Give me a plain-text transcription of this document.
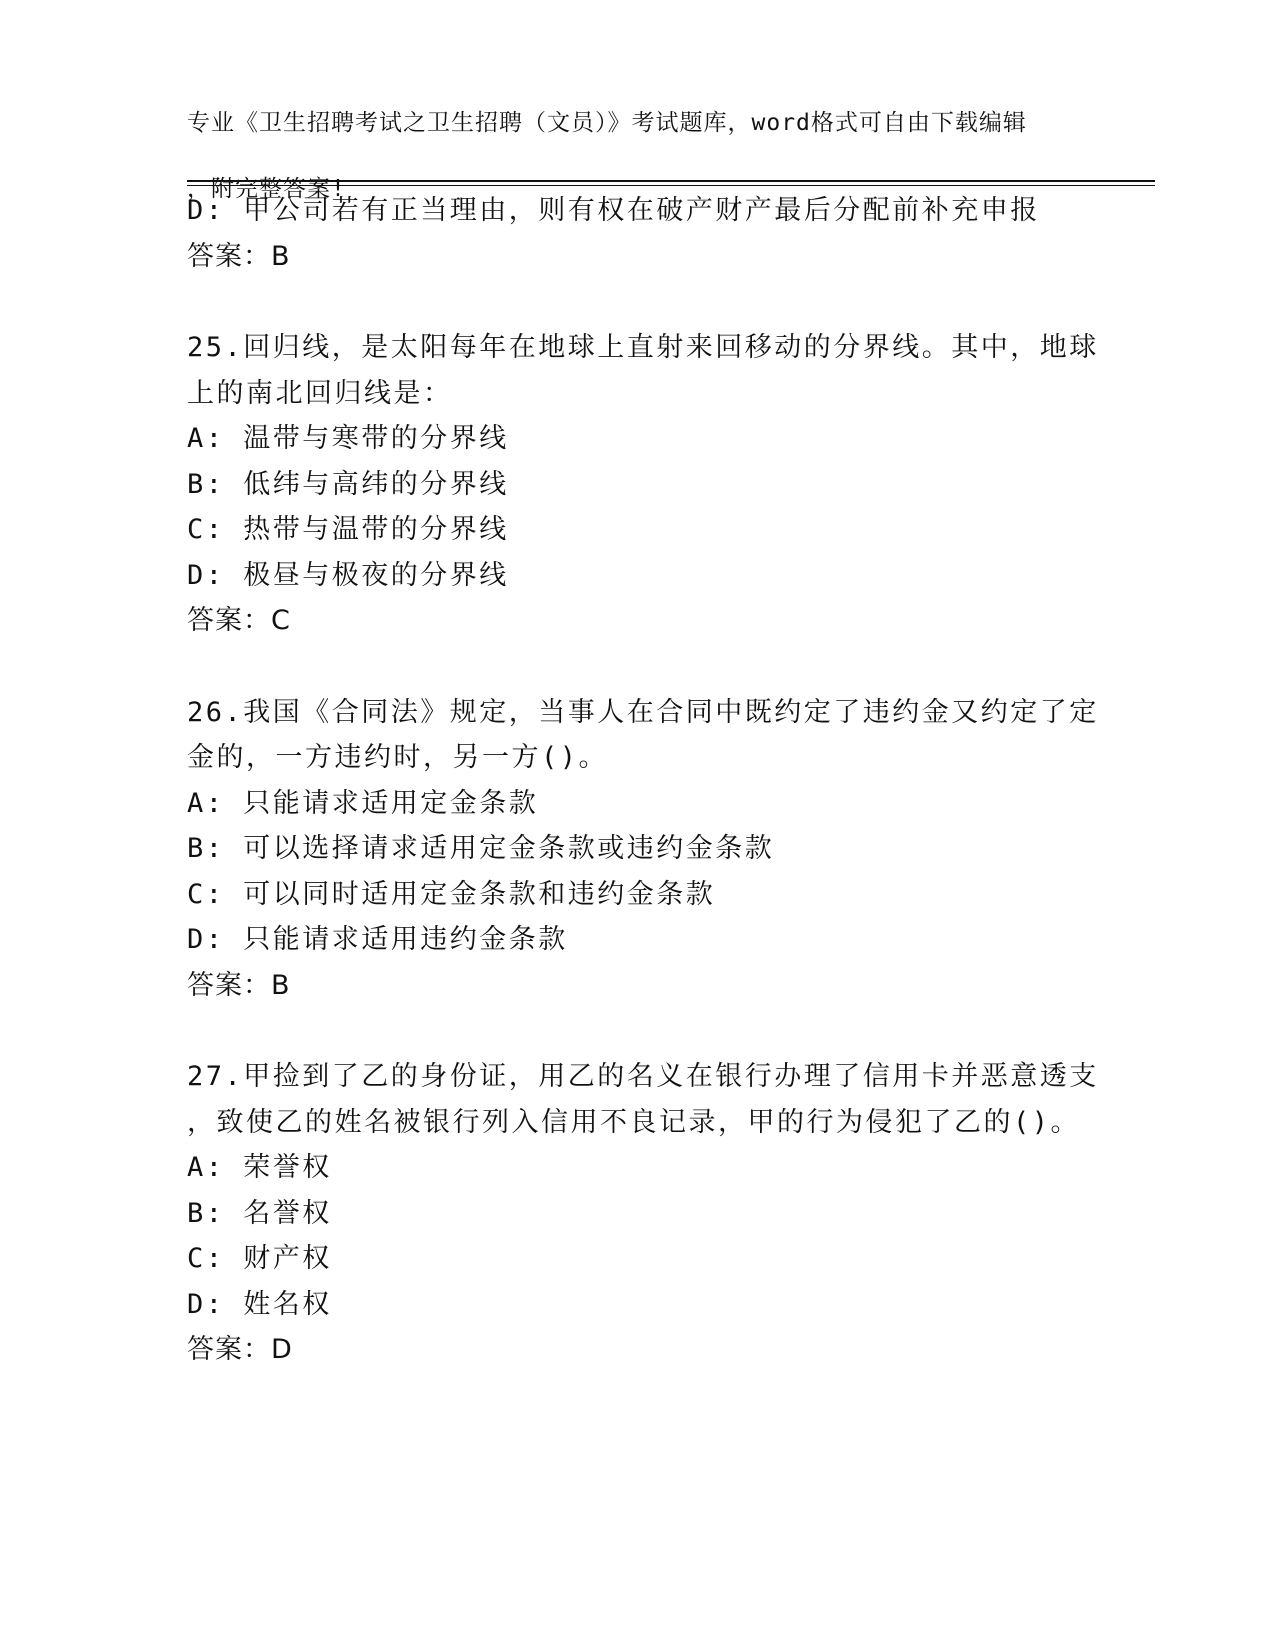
专业《卫生招聘考试之卫生招聘（文员）》考试题库，word格式可自由下载编辑

，附完整答案!

D: 甲公司若有正当理由，则有权在破产财产最后分配前补充申报
答案：B
25.回归线，是太阳每年在地球上直射来回移动的分界线。其中，地球
上的南北回归线是：
A: 温带与寒带的分界线
B: 低纬与高纬的分界线
C: 热带与温带的分界线
D: 极昼与极夜的分界线
答案：C
26.我国《合同法》规定，当事人在合同中既约定了违约金又约定了定
金的，一方违约时，另一方()。
A: 只能请求适用定金条款
B: 可以选择请求适用定金条款或违约金条款
C: 可以同时适用定金条款和违约金条款
D: 只能请求适用违约金条款
答案：B
27.甲捡到了乙的身份证，用乙的名义在银行办理了信用卡并恶意透支
，致使乙的姓名被银行列入信用不良记录，甲的行为侵犯了乙的()。
A: 荣誉权
B: 名誉权
C: 财产权
D: 姓名权
答案：D
